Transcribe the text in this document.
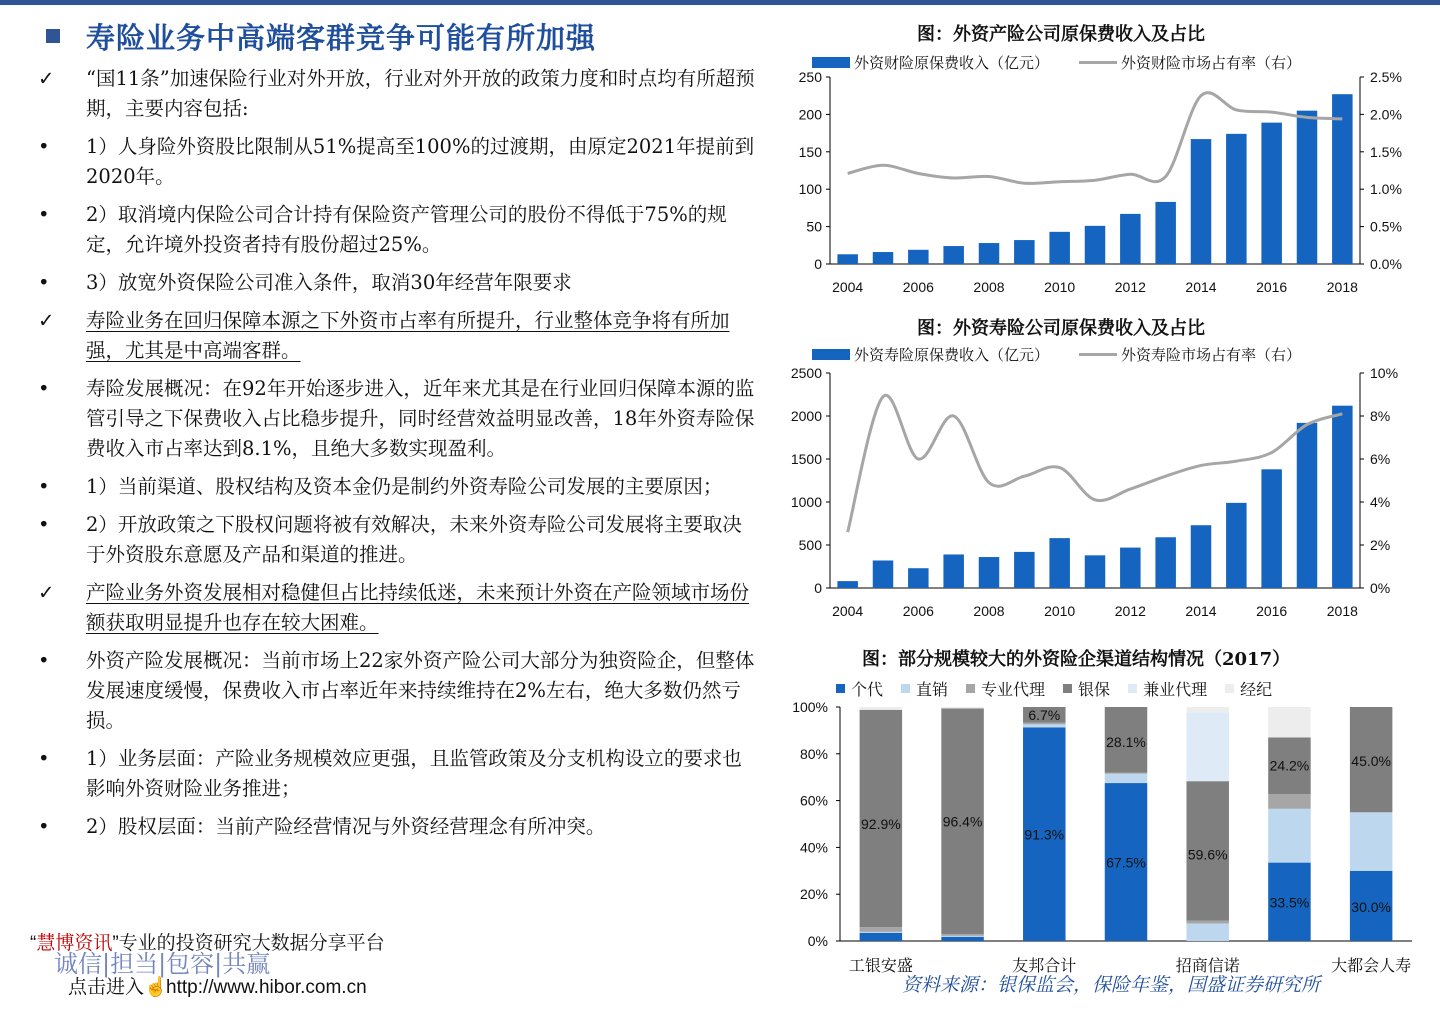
寿险业务中高端客群竞争可能有所加强
✓	“国11条”加速保险行业对外开放，行业对外开放的政策力度和时点均有所超预期，主要内容包括:
•	1）人身险外资股比限制从51%提高至100%的过渡期，由原定2021年提前到2020年。
•	2）取消境内保险公司合计持有保险资产管理公司的股份不得低于75%的规定，允许境外投资者持有股份超过25%。
•	3）放宽外资保险公司准入条件，取消30年经营年限要求
✓	寿险业务在回归保障本源之下外资市占率有所提升，行业整体竞争将有所加强，尤其是中高端客群。
•	寿险发展概况：在92年开始逐步进入，近年来尤其是在行业回归保障本源的监管引导之下保费收入占比稳步提升，同时经营效益明显改善，18年外资寿险保费收入市占率达到8.1%，且绝大多数实现盈利。
•	1）当前渠道、股权结构及资本金仍是制约外资寿险公司发展的主要原因；
•	2）开放政策之下股权问题将被有效解决，未来外资寿险公司发展将主要取决于外资股东意愿及产品和渠道的推进。
✓	产险业务外资发展相对稳健但占比持续低迷，未来预计外资在产险领域市场份额获取明显提升也存在较大困难。
•	外资产险发展概况：当前市场上22家外资产险公司大部分为独资险企，但整体发展速度缓慢，保费收入市占率近年来持续维持在2%左右，绝大多数仍然亏损。
•	1）业务层面：产险业务规模效应更强，且监管政策及分支机构设立的要求也影响外资财险业务推进；
•	2）股权层面：当前产险经营情况与外资经营理念有所冲突。
图：外资产险公司原保费收入及占比
外资财险原保费收入（亿元）	外资财险市场占有率（右）
0
50
100
150
200
250
0.0%
0.5%
1.0%
1.5%
2.0%
2.5%
2004	2006	2008	2010	2012	2014	2016	2018
图：外资寿险公司原保费收入及占比
外资寿险原保费收入（亿元）	外资寿险市场占有率（右）
0
500
1000
1500
2000
2500
0%
2%
4%
6%
8%
10%
2004	2006	2008	2010	2012	2014	2016	2018
图：部分规模较大的外资险企渠道结构情况（2017）
个代 直销 专业代理 银保 兼业代理 经纪
0%
20%
40%
60%
80%
100%
工银安盛	友邦合计	招商信诺	大都会人寿
92.9%	96.4%
6.7%
91.3%
28.1%
67.5%
59.6%
24.2%
33.5%
45.0%
30.0%
“慧博资讯”专业的投资研究大数据分享平台
诚信|担当|包容|共赢
点击进入☝http://www.hibor.com.cn	资料来源：银保监会，保险年鉴，国盛证券研究所
